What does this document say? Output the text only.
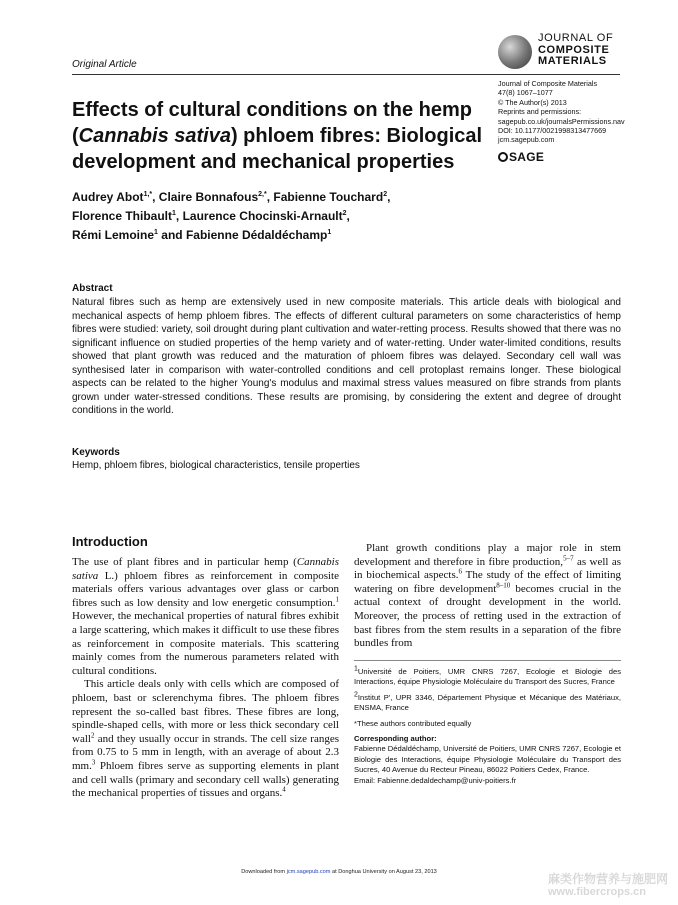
Original Article
JOURNAL OF
COMPOSITE
MATERIALS
Journal of Composite Materials
47(8) 1067–1077
© The Author(s) 2013
Reprints and permissions:
sagepub.co.uk/journalsPermissions.nav
DOI: 10.1177/0021998313477669
jcm.sagepub.com
SAGE
Effects of cultural conditions on the hemp (Cannabis sativa) phloem fibres: Biological development and mechanical properties
Audrey Abot$^{1,*}$, Claire Bonnafous$^{2,*}$, Fabienne Touchard$^2$,
Florence Thibault$^1$, Laurence Chocinski-Arnault$^2$,
Rémi Lemoine$^1$ and Fabienne Dédaldéchamp$^1$
Abstract
Natural fibres such as hemp are extensively used in new composite materials. This article deals with biological and mechanical aspects of hemp phloem fibres. The effects of different cultural parameters on some characteristics of hemp fibres were studied: variety, soil drought during plant cultivation and water-retting process. Results showed that there was no significant influence on studied properties of the hemp variety and of water-retting. Under water-limited conditions, results showed that plant growth was reduced and the maturation of phloem fibres was delayed. Secondary cell wall was synthesised later in comparison with water-controlled conditions and cell protoplast remains longer. These biological aspects can be related to the higher Young's modulus and maximal stress values measured on fibre strands from plants grown under water-stressed conditions. These results are promising, by considering the extent and degree of drought conditions in the world.
Keywords
Hemp, phloem fibres, biological characteristics, tensile properties
Introduction

The use of plant fibres and in particular hemp (Cannabis sativa L.) phloem fibres as reinforcement in composite materials offers various advantages over glass or carbon fibres such as low density and low energetic consumption.$^1$ However, the mechanical properties of natural fibres exhibit a large scattering, which makes it difficult to use these fibres as reinforcement in composite materials. This scattering mainly comes from the numerous parameters related with cultural conditions.

This article deals only with cells which are composed of phloem, bast or sclerenchyma fibres. The phloem fibres represent the so-called bast fibres. These fibres are long, spindle-shaped cells, with more or less thick secondary cell wall$^2$ and they usually occur in strands. The cell size ranges from 0.75 to 5 mm in length, with an average of about 2.3 mm.$^3$ Phloem fibres serve as supporting elements in plant and cell walls (primary and secondary cell walls) generating the mechanical properties of tissues and organs.$^4$

Plant growth conditions play a major role in stem development and therefore in fibre production,$^{5-7}$ as well as in biochemical aspects.$^6$ The study of the effect of limiting watering on fibre development$^{8-10}$ becomes crucial in the actual context of drought development in the world. Moreover, the process of retting used in the extraction of bast fibres from the stem results in a separation of the fibre bundles from

$^1$Université de Poitiers, UMR CNRS 7267, Ecologie et Biologie des Interactions, équipe Physiologie Moléculaire du Transport des Sucres, France

$^2$Institut P', UPR 3346, Département Physique et Mécanique des Matériaux, ENSMA, France

*These authors contributed equally

Corresponding author:

Fabienne Dédaldéchamp, Université de Poitiers, UMR CNRS 7267, Ecologie et Biologie des Interactions, équipe Physiologie Moléculaire du Transport des Sucres, 40 Avenue du Recteur Pineau, 86022 Poitiers Cedex, France.

Email: Fabienne.dedaldechamp@univ-poitiers.fr

Downloaded from jcm.sagepub.com at Donghua University on August 23, 2013	麻类作物营养与施肥网
www.fibercrops.cn
